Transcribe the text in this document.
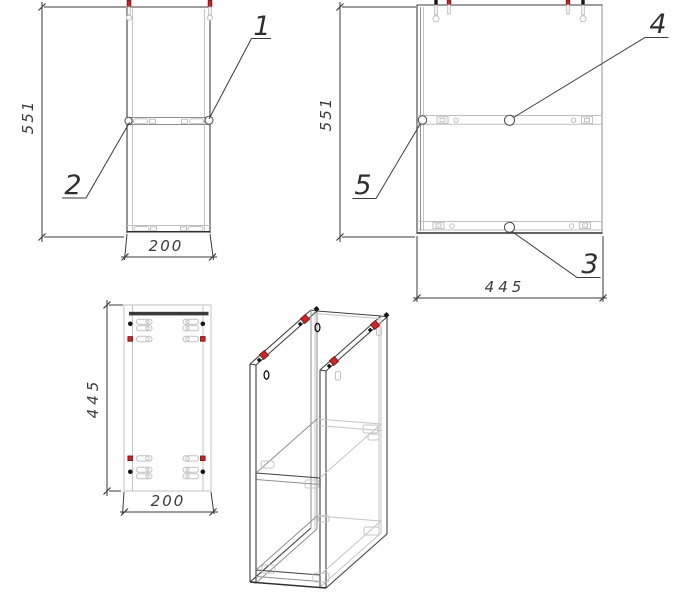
551
200
1
2
551
445
4
5
3
445
200
